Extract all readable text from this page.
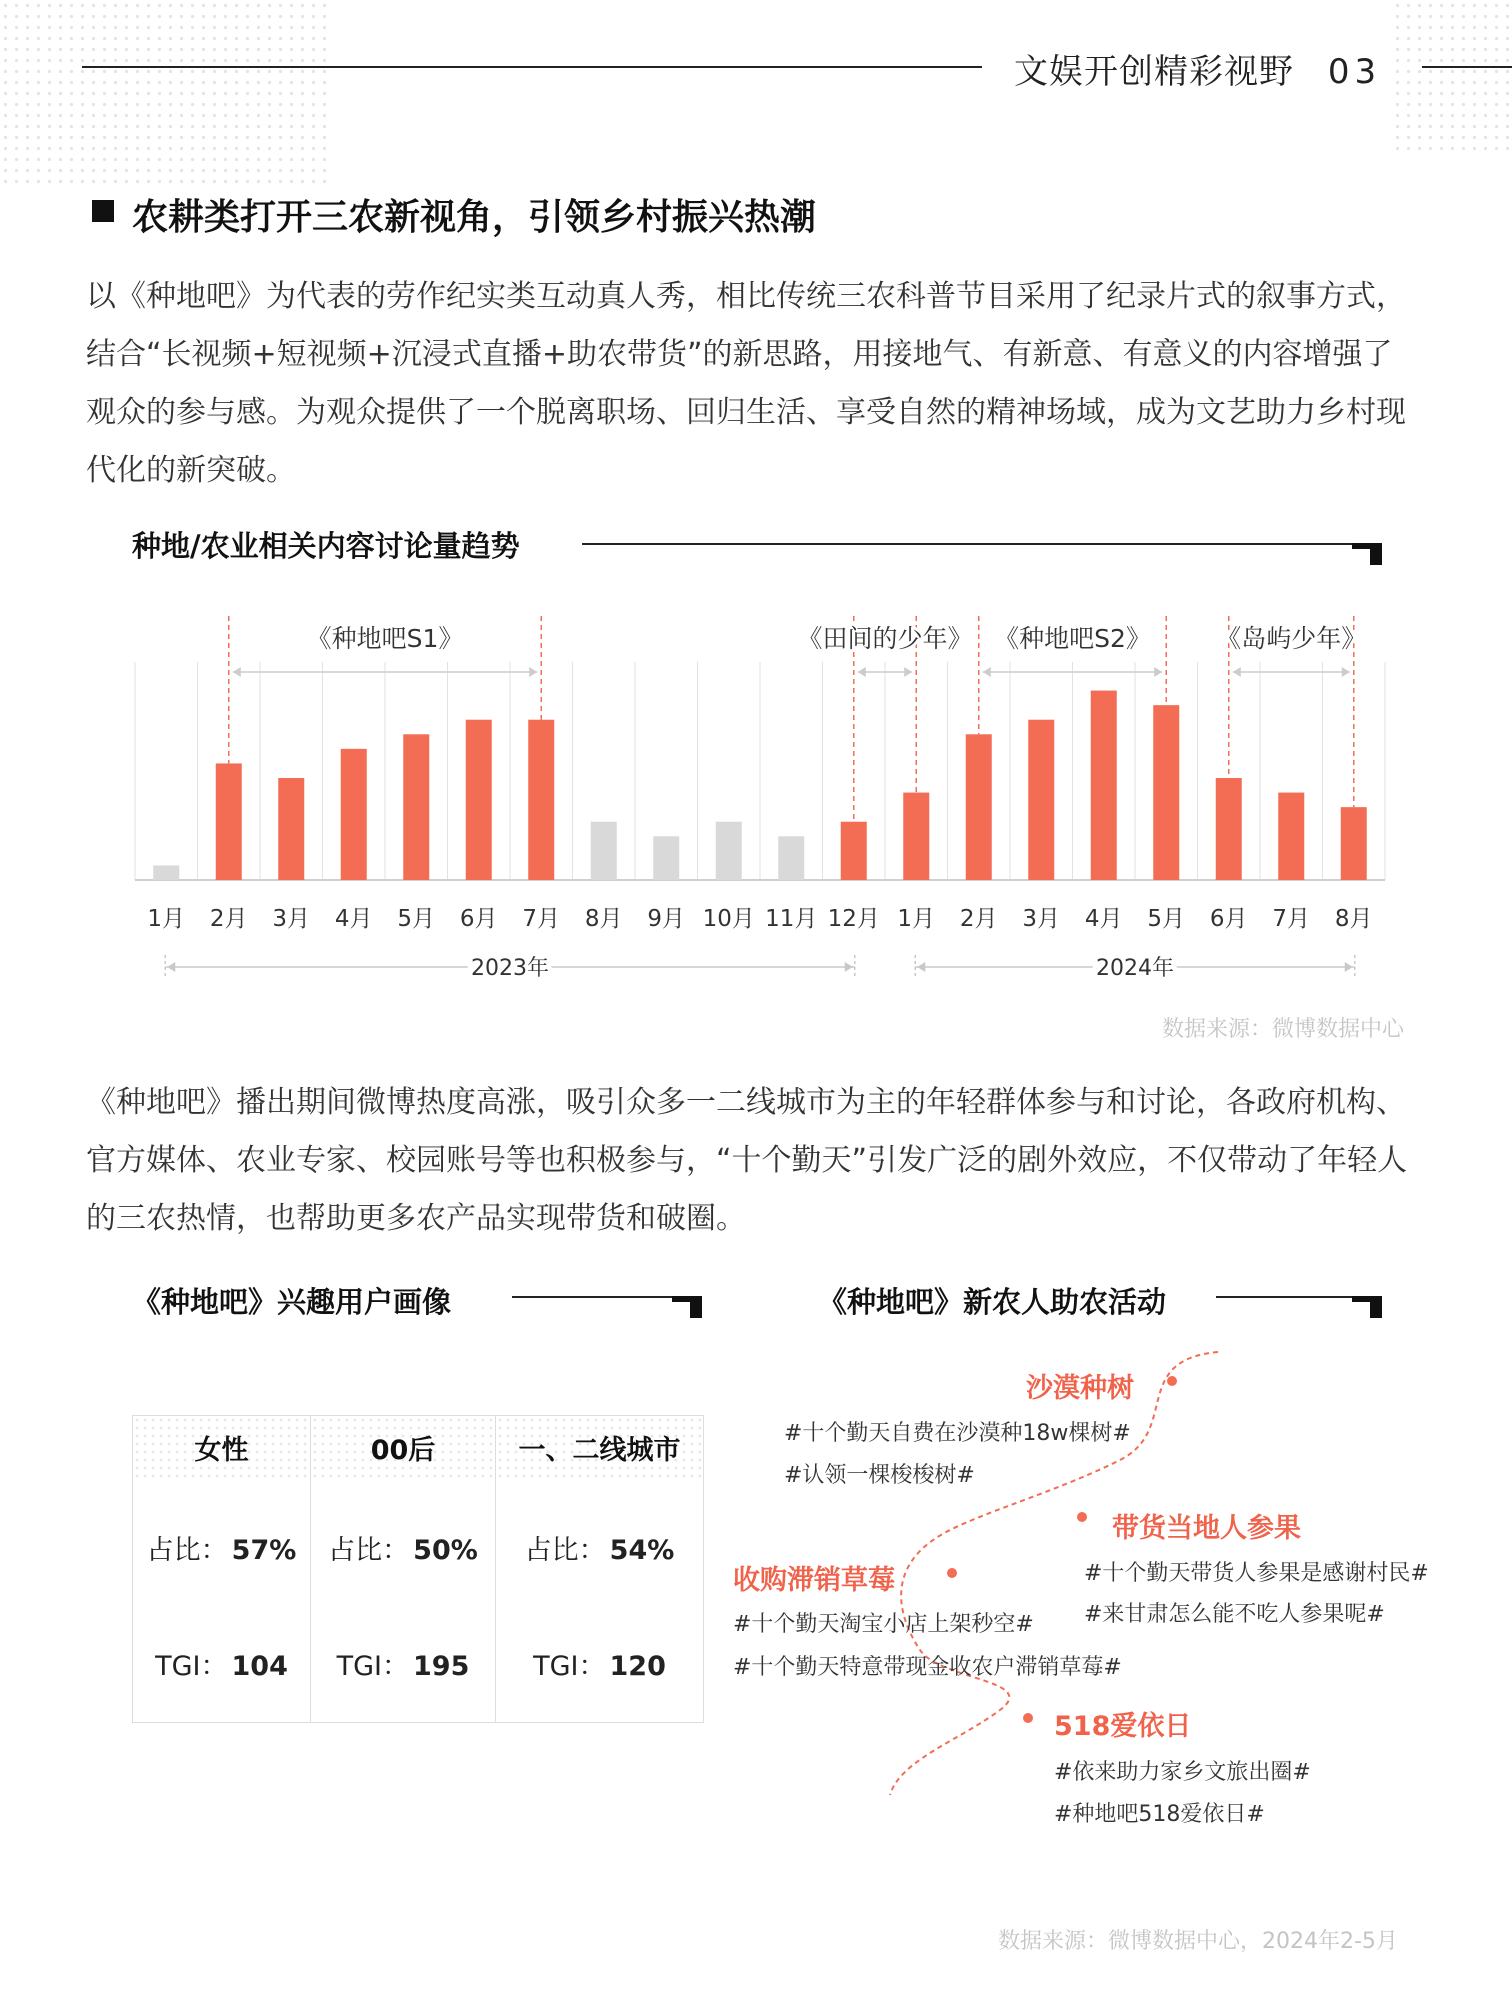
文娱开创精彩视野 03
农耕类打开三农新视角，引领乡村振兴热潮

以《种地吧》为代表的劳作纪实类互动真人秀，相比传统三农科普节目采用了纪录片式的叙事方式，结合“长视频+短视频+沉浸式直播+助农带货”的新思路，用接地气、有新意、有意义的内容增强了观众的参与感。为观众提供了一个脱离职场、回归生活、享受自然的精神场域，成为文艺助力乡村现代化的新突破。

种地/农业相关内容讨论量趋势
1月 2月 3月 4月 5月 6月 7月 8月 9月 10月 11月 12月 1月 2月 3月 4月 5月 6月 7月 8月
《种地吧S1》	《田间的少年》 《种地吧S2》	《岛屿少年》
2023年	2024年
数据来源：微博数据中心

《种地吧》播出期间微博热度高涨，吸引众多一二线城市为主的年轻群体参与和讨论，各政府机构、官方媒体、农业专家、校园账号等也积极参与，“十个勤天”引发广泛的剧外效应，不仅带动了年轻人的三农热情，也帮助更多农产品实现带货和破圈。

《种地吧》兴趣用户画像
女性
占比： 57%
TGI： 104
00后
占比： 50%
TGI： 195
一、二线城市
占比： 54%
TGI： 120
《种地吧》新农人助农活动
沙漠种树
#十个勤天自费在沙漠种18w棵树#
#认领一棵梭梭树#
带货当地人参果
#十个勤天带货人参果是感谢村民#
#来甘肃怎么能不吃人参果呢#
收购滞销草莓
#十个勤天淘宝小店上架秒空#
#十个勤天特意带现金收农户滞销草莓#
518爱依日
#依来助力家乡文旅出圈#
#种地吧518爱依日#
数据来源：微博数据中心，2024年2-5月
